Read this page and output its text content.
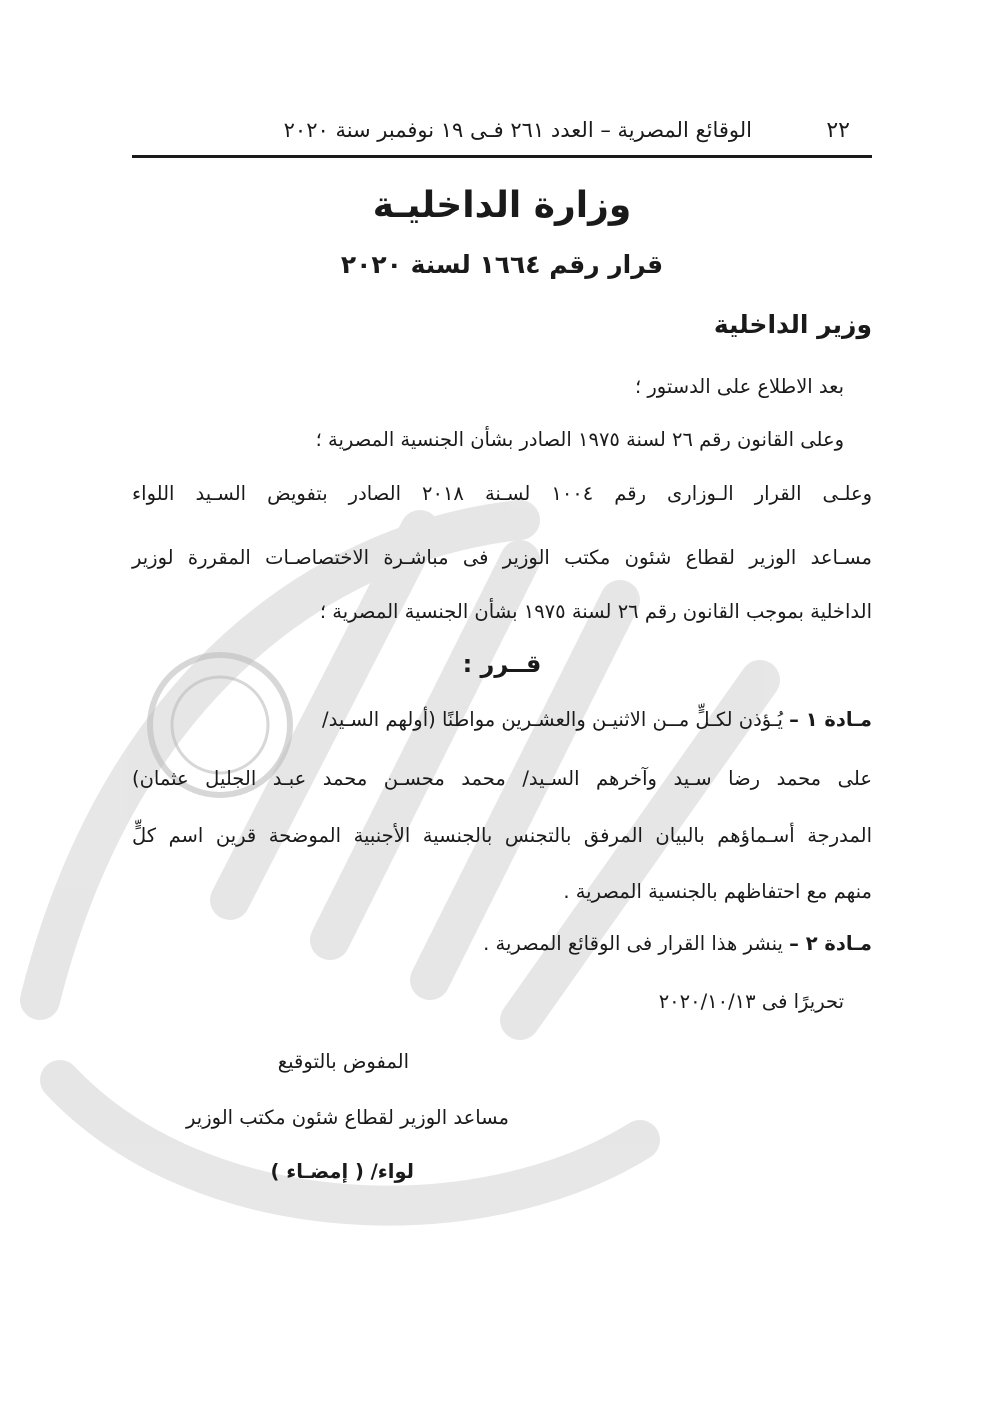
٢٢
الوقائع المصرية – العدد ٢٦١ فـى ١٩ نوفمبر سنة ٢٠٢٠
وزارة الداخليـة
قرار رقم ١٦٦٤ لسنة ٢٠٢٠
وزير الداخلية
بعد الاطلاع على الدستور ؛
وعلى القانون رقم ٢٦ لسنة ١٩٧٥ الصادر بشأن الجنسية المصرية ؛
وعلـى القرار الـوزارى رقم ١٠٠٤ لسـنة ٢٠١٨ الصادر بتفويض السـيد اللواء
مسـاعد الوزير لقطاع شئون مكتب الوزير فى مباشـرة الاختصاصـات المقررة لوزير
الداخلية بموجب القانون رقم ٢٦ لسنة ١٩٧٥ بشأن الجنسية المصرية ؛
قــرر :
مـادة ١ – يُـؤذن لكـلٍّ مــن الاثنيـن والعشـرين مواطنًا (أولهم السـيد/
على محمد رضا سـيد وآخرهم السـيد/ محمد محسـن محمد عبـد الجليل عثمان)
المدرجة أسـماؤهم بالبيان المرفق بالتجنس بالجنسية الأجنبية الموضحة قرين اسم كلٍّ
منهم مع احتفاظهم بالجنسية المصرية .
مـادة ٢ – ينشر هذا القرار فى الوقائع المصرية .
تحريرًا فى ٢٠٢٠/١٠/١٣
المفوض بالتوقيع
مساعد الوزير لقطاع شئون مكتب الوزير
لواء/ ( إمضـاء )
